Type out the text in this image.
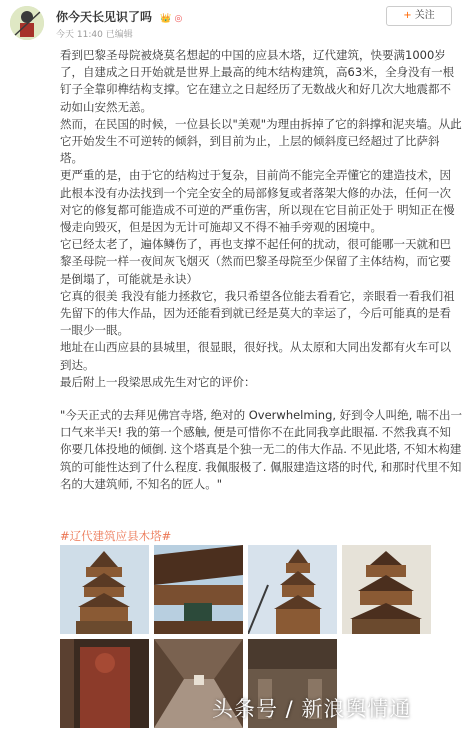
你今天长见识了吗 👑 ◎
今天 11:40 已编辑
+ 关注

看到巴黎圣母院被烧莫名想起的中国的应县木塔，辽代建筑，快要满1000岁了，自建成之日开始就是世界上最高的纯木结构建筑，高63米，全身没有一根钉子全靠卯榫结构支撑。它在建立之日起经历了无数战火和好几次大地震都不动如山安然无恙。

然而，在民国的时候，一位县长以"美观"为理由拆掉了它的斜撑和泥夹墙。从此它开始发生不可逆转的倾斜，到目前为止，上层的倾斜度已经超过了比萨斜塔。

更严重的是，由于它的结构过于复杂，目前尚不能完全弄懂它的建造技术，因此根本没有办法找到一个完全安全的局部修复或者落架大修的办法，任何一次对它的修复都可能造成不可逆的严重伤害，所以现在它目前正处于 明知正在慢慢走向毁灭，但是因为无计可施却又不得不袖手旁观的困境中。

它已经太老了，遍体鳞伤了，再也支撑不起任何的扰动，很可能哪一天就和巴黎圣母院一样一夜间灰飞烟灭（然而巴黎圣母院至少保留了主体结构，而它要是倒塌了，可能就是永诀）

它真的很美 我没有能力拯救它，我只希望各位能去看看它，亲眼看一看我们祖先留下的伟大作品，因为还能看到就已经是莫大的幸运了，今后可能真的是看一眼少一眼。

地址在山西应县的县城里，很显眼，很好找。从太原和大同出发都有火车可以到达。

最后附上一段梁思成先生对它的评价：

"今天正式的去拜见佛宫寺塔, 绝对的 Overwhelming, 好到令人叫绝, 喘不出一口气来半天! 我的第一个感触, 便是可惜你不在此同我享此眼福. 不然我真不知你要几体投地的倾倒. 这个塔真是个独一无二的伟大作品. 不见此塔, 不知木构建筑的可能性达到了什么程度. 我佩服极了. 佩服建造这塔的时代, 和那时代里不知名的大建筑师, 不知名的匠人。"

#辽代建筑应县木塔#
头条号 / 新浪舆情通
